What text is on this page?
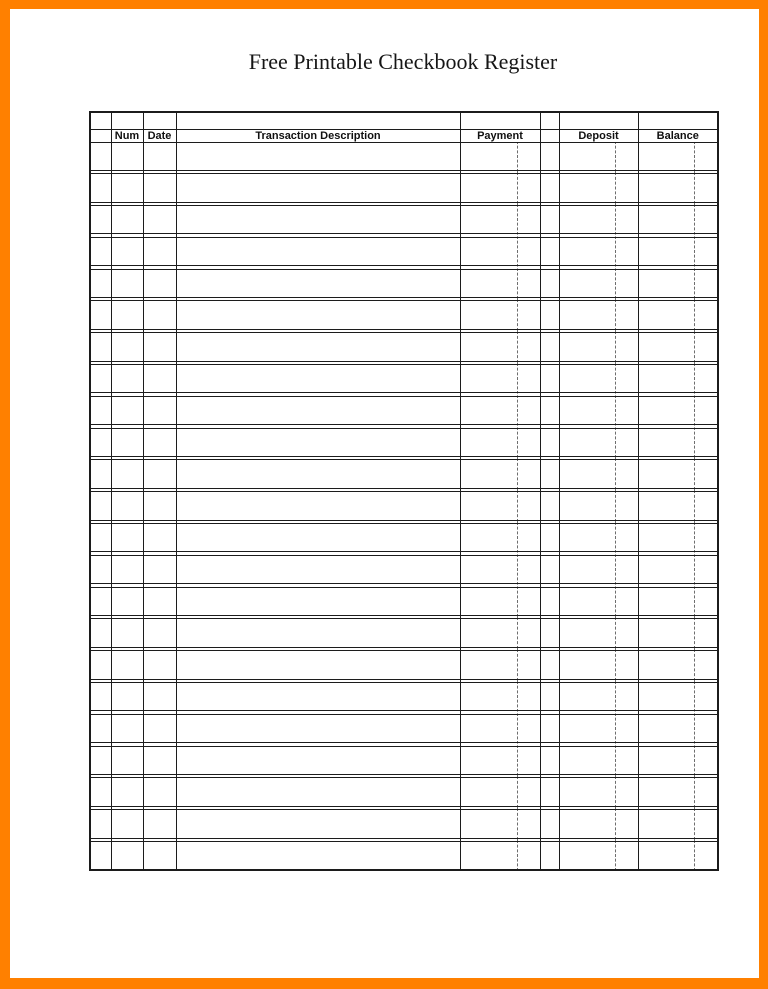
Free Printable Checkbook Register

	Num	Date	Transaction Description	Payment		Deposit	Balance
